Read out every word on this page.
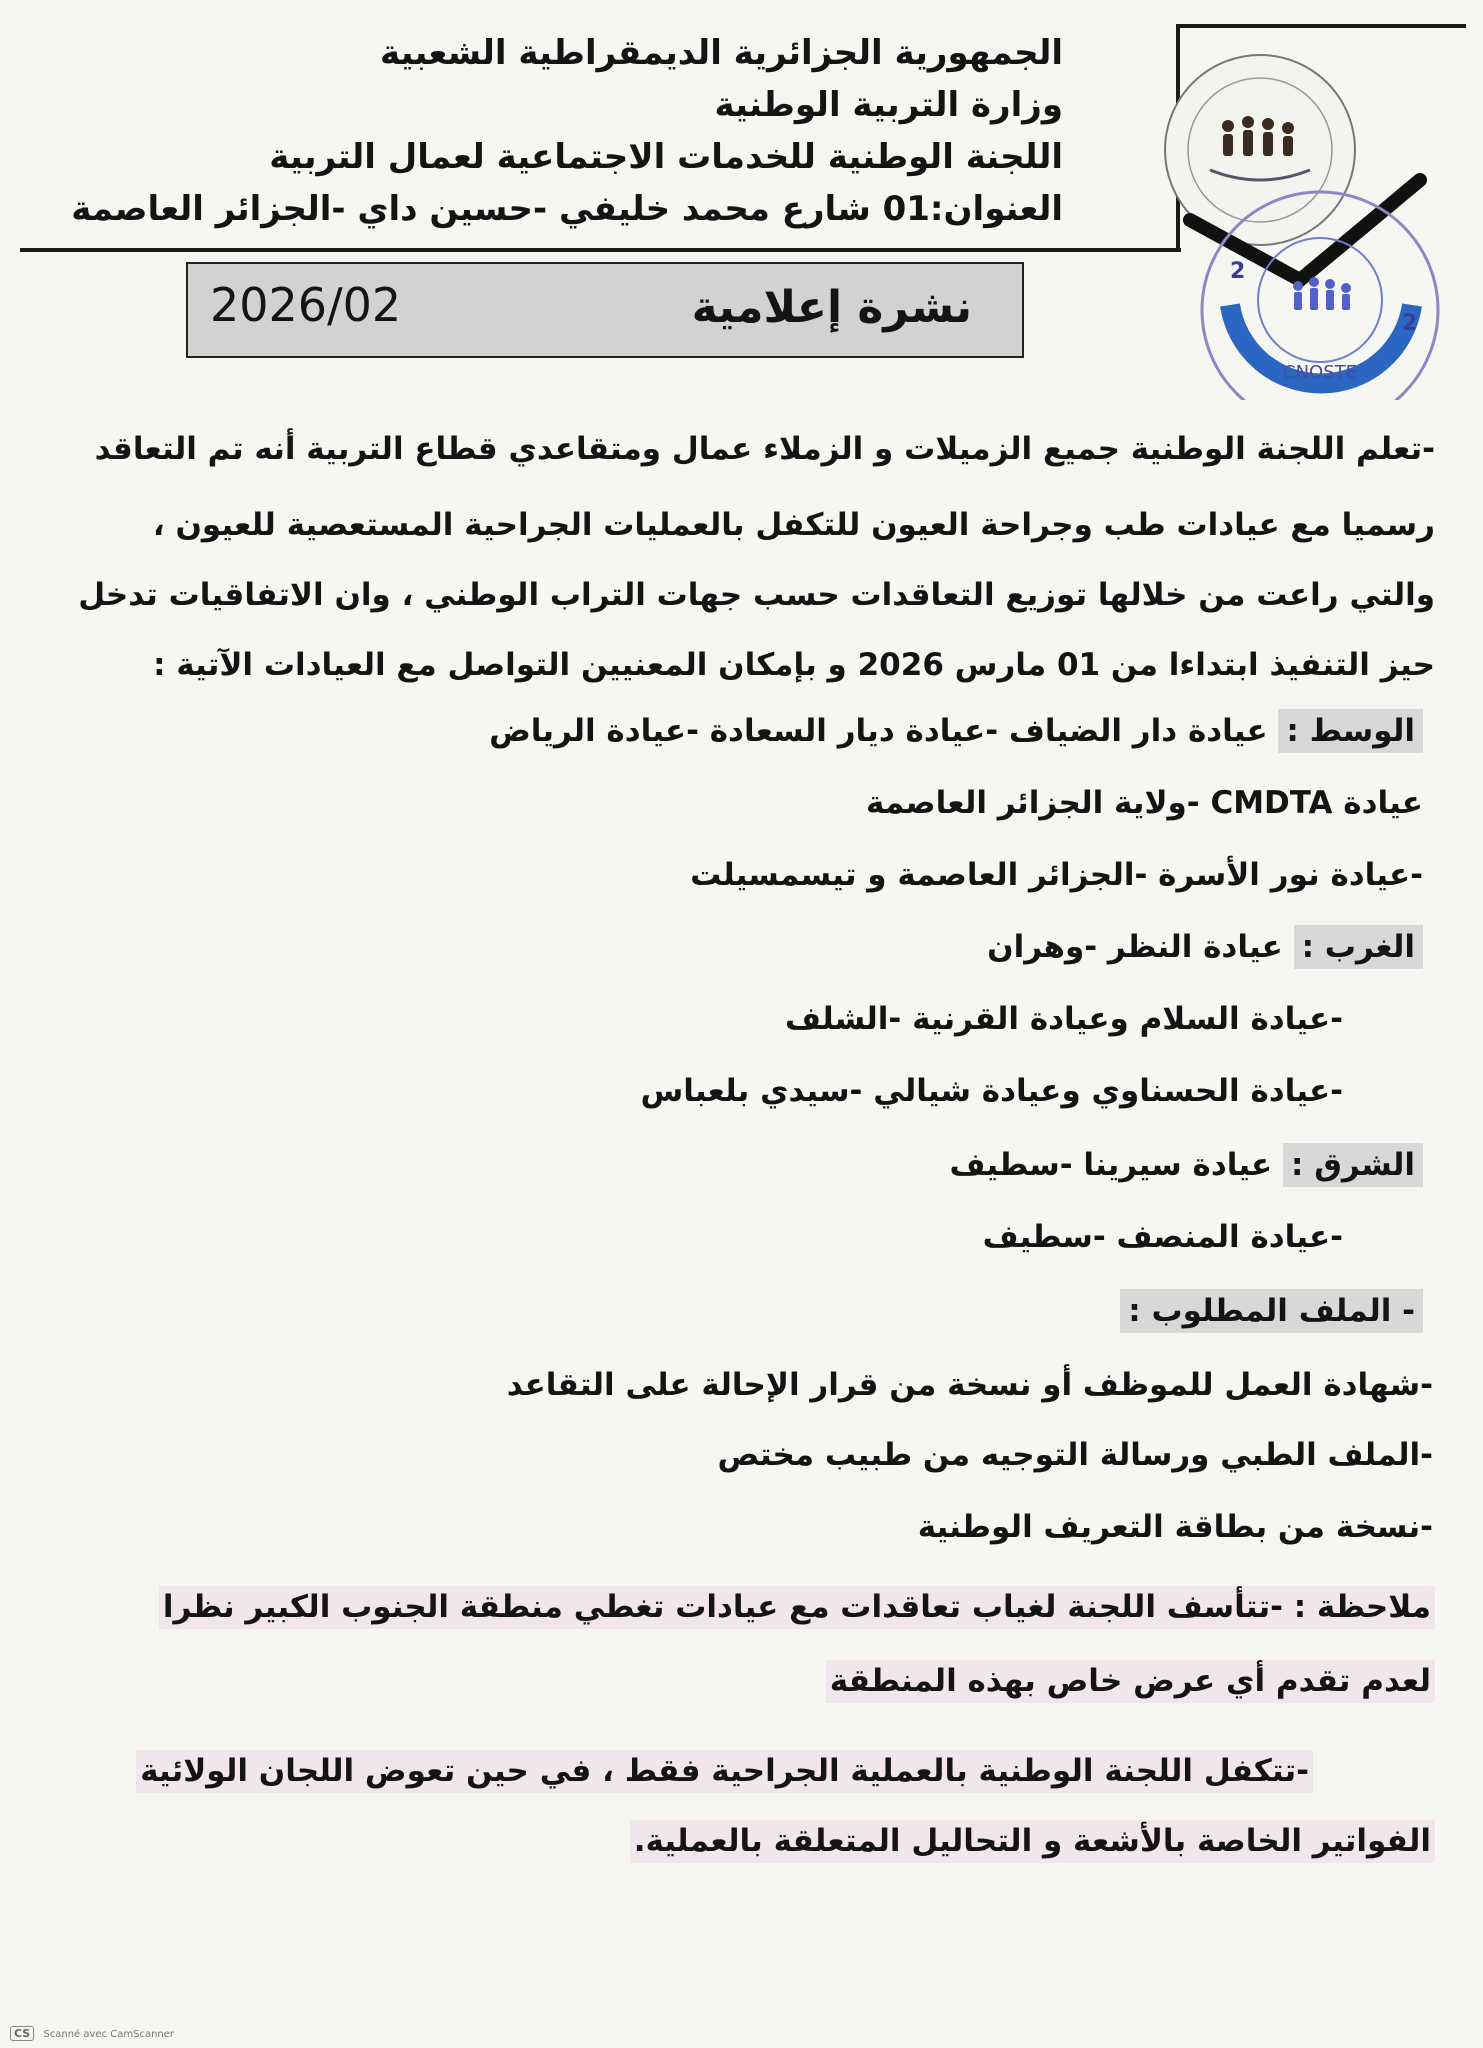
الجمهورية الجزائرية الديمقراطية الشعبية
وزارة التربية الوطنية
اللجنة الوطنية للخدمات الاجتماعية لعمال التربية
العنوان:01 شارع محمد خليفي -حسين داي -الجزائر العاصمة
CNOSTE
2
2
نشرة إعلامية
2026/02
-تعلم اللجنة الوطنية جميع الزميلات و الزملاء عمال ومتقاعدي قطاع التربية أنه تم التعاقد
رسميا مع عيادات طب وجراحة العيون للتكفل بالعمليات الجراحية المستعصية للعيون ،
والتي راعت من خلالها توزيع التعاقدات حسب جهات التراب الوطني ، وان الاتفاقيات تدخل
حيز التنفيذ ابتداءا من 01 مارس 2026 و بإمكان المعنيين التواصل مع العيادات الآتية :
الوسط : عيادة دار الضياف -عيادة ديار السعادة -عيادة الرياض
عيادة CMDTA -ولاية الجزائر العاصمة
-عيادة نور الأسرة -الجزائر العاصمة و تيسمسيلت
الغرب : عيادة النظر -وهران
-عيادة السلام وعيادة القرنية -الشلف
-عيادة الحسناوي وعيادة شيالي -سيدي بلعباس
الشرق : عيادة سيرينا -سطيف
-عيادة المنصف -سطيف
- الملف المطلوب :
-شهادة العمل للموظف أو نسخة من قرار الإحالة على التقاعد
-الملف الطبي ورسالة التوجيه من طبيب مختص
-نسخة من بطاقة التعريف الوطنية
ملاحظة : -تتأسف اللجنة لغياب تعاقدات مع عيادات تغطي منطقة الجنوب الكبير نظرا
لعدم تقدم أي عرض خاص بهذه المنطقة
-تتكفل اللجنة الوطنية بالعملية الجراحية فقط ، في حين تعوض اللجان الولائية
الفواتير الخاصة بالأشعة و التحاليل المتعلقة بالعملية.
CS Scanné avec CamScanner
